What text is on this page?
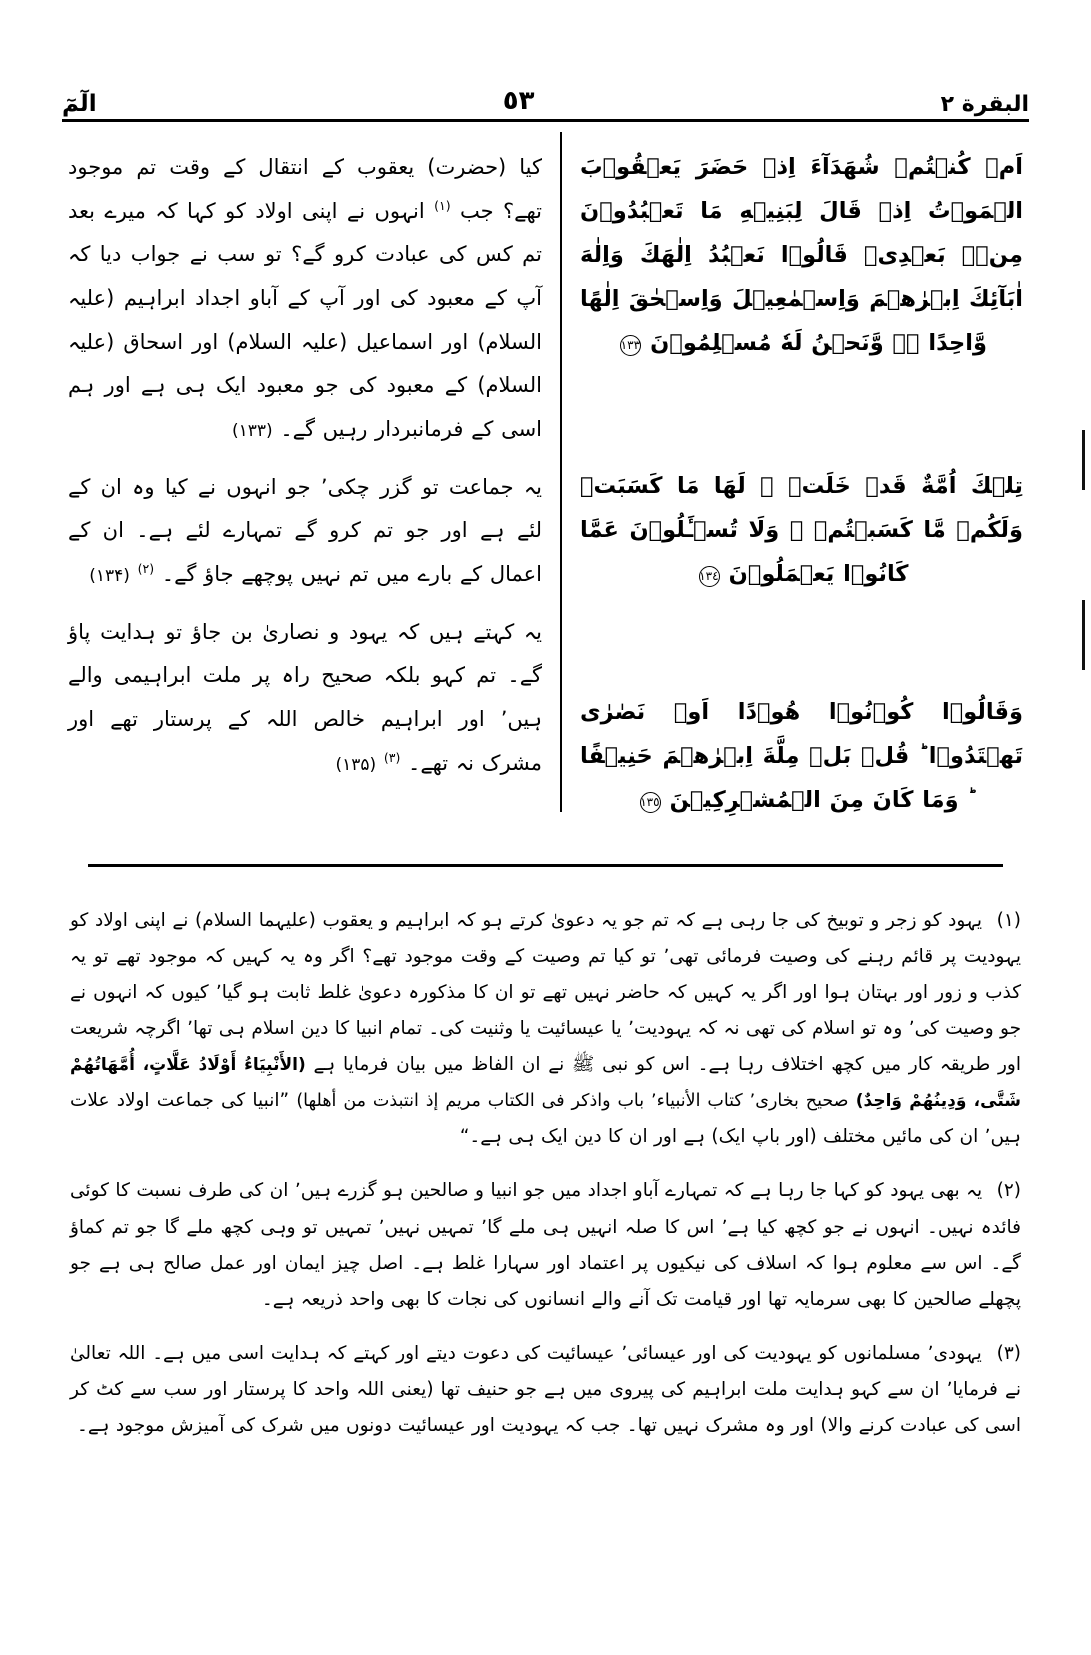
البقرة ٢
٥٣
الٓمٓ
اَمۡ كُنۡتُمۡ شُهَدَآءَ اِذۡ حَضَرَ يَعۡقُوۡبَ الۡمَوۡتُ اِذۡ قَالَ لِبَنِيۡهِ مَا تَعۡبُدُوۡنَ مِنۡۢ بَعۡدِىۡ قَالُوۡا نَعۡبُدُ اِلٰهَكَ وَاِلٰهَ اٰبَآئِكَ اِبۡرٰهٖمَ وَاِسۡمٰعِيۡلَ وَاِسۡحٰقَ اِلٰهًا وَّاحِدًا ۖۚ وَّنَحۡنُ لَهٗ مُسۡلِمُوۡنَ ١٣٣
تِلۡكَ اُمَّةٌ قَدۡ خَلَتۡ ۚ لَهَا مَا كَسَبَتۡ وَلَكُمۡ مَّا كَسَبۡتُمۡ ۚ وَلَا تُسۡـَٔلُوۡنَ عَمَّا كَانُوۡا يَعۡمَلُوۡنَ ١٣٤
وَقَالُوۡا كُوۡنُوۡا هُوۡدًا اَوۡ نَصٰرٰى تَهۡتَدُوۡا ؕ قُلۡ بَلۡ مِلَّةَ اِبۡرٰهٖمَ حَنِيۡفًا ؕ وَمَا كَانَ مِنَ الۡمُشۡرِكِيۡنَ ١٣٥

کیا (حضرت) یعقوب کے انتقال کے وقت تم موجود تھے؟ جب $^{(۱)}$ انہوں نے اپنی اولاد کو کہا کہ میرے بعد تم کس کی عبادت کرو گے؟ تو سب نے جواب دیا کہ آپ کے معبود کی اور آپ کے آباو اجداد ابراہیم (علیہ السلام) اور اسماعیل (علیہ السلام) اور اسحاق (علیہ السلام) کے معبود کی جو معبود ایک ہی ہے اور ہم اسی کے فرمانبردار رہیں گے۔ (۱۳۳)

یہ جماعت تو گزر چکی٬ جو انہوں نے کیا وہ ان کے لئے ہے اور جو تم کرو گے تمہارے لئے ہے۔ ان کے اعمال کے بارے میں تم نہیں پوچھے جاؤ گے۔ $^{(۲)}$ (۱۳۴)

یہ کہتے ہیں کہ یہود و نصاریٰ بن جاؤ تو ہدایت پاؤ گے۔ تم کہو بلکہ صحیح راہ پر ملت ابراہیمی والے ہیں٬ اور ابراہیم خالص اللہ کے پرستار تھے اور مشرک نہ تھے۔ $^{(۳)}$ (۱۳۵)

(۱) یہود کو زجر و توبیخ کی جا رہی ہے کہ تم جو یہ دعویٰ کرتے ہو کہ ابراہیم و یعقوب (علیہما السلام) نے اپنی اولاد کو یہودیت پر قائم رہنے کی وصیت فرمائی تھی٬ تو کیا تم وصیت کے وقت موجود تھے؟ اگر وہ یہ کہیں کہ موجود تھے تو یہ کذب و زور اور بہتان ہوا اور اگر یہ کہیں کہ حاضر نہیں تھے تو ان کا مذکورہ دعویٰ غلط ثابت ہو گیا٬ کیوں کہ انہوں نے جو وصیت کی٬ وہ تو اسلام کی تھی نہ کہ یہودیت٬ یا عیسائیت یا وثنیت کی۔ تمام انبیا کا دین اسلام ہی تھا٬ اگرچہ شریعت اور طریقہ کار میں کچھ اختلاف رہا ہے۔ اس کو نبی ﷺ نے ان الفاظ میں بیان فرمایا ہے (الأَنْبِيَاءُ أَوْلَادُ عَلَّاتٍ، أُمَّهَاتُهُمْ شَتَّى، وَدِينُهُمْ وَاحِدٌ) صحیح بخاری٬ کتاب الأنبیاء٬ باب واذکر فی الکتاب مریم إذ انتبذت من أهلها) ”انبیا کی جماعت اولاد علات ہیں٬ ان کی مائیں مختلف (اور باپ ایک) ہے اور ان کا دین ایک ہی ہے۔“

(۲) یہ بھی یہود کو کہا جا رہا ہے کہ تمہارے آباو اجداد میں جو انبیا و صالحین ہو گزرے ہیں٬ ان کی طرف نسبت کا کوئی فائدہ نہیں۔ انہوں نے جو کچھ کیا ہے٬ اس کا صلہ انہیں ہی ملے گا٬ تمہیں نہیں٬ تمہیں تو وہی کچھ ملے گا جو تم کماؤ گے۔ اس سے معلوم ہوا کہ اسلاف کی نیکیوں پر اعتماد اور سہارا غلط ہے۔ اصل چیز ایمان اور عمل صالح ہی ہے جو پچھلے صالحین کا بھی سرمایہ تھا اور قیامت تک آنے والے انسانوں کی نجات کا بھی واحد ذریعہ ہے۔

(۳) یہودی٬ مسلمانوں کو یہودیت کی اور عیسائی٬ عیسائیت کی دعوت دیتے اور کہتے کہ ہدایت اسی میں ہے۔ اللہ تعالیٰ نے فرمایا٬ ان سے کہو ہدایت ملت ابراہیم کی پیروی میں ہے جو حنیف تھا (یعنی اللہ واحد کا پرستار اور سب سے کٹ کر اسی کی عبادت کرنے والا) اور وہ مشرک نہیں تھا۔ جب کہ یہودیت اور عیسائیت دونوں میں شرک کی آمیزش موجود ہے۔
